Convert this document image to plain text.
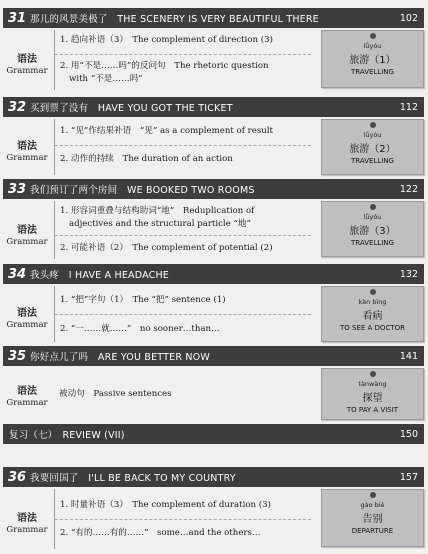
31 那儿的风景美极了　THE SCENERY IS VERY BEAUTIFUL THERE	102
语法
Grammar
1. 趋向补语（3）　The complement of direction (3)
2. 用“不是……吗”的反问句　The rhetoric question
with “不是……吗”
lǚyóu
旅游（1）
TRAVELLING
32 买到票了没有　HAVE YOU GOT THE TICKET	112
语法
Grammar
1. “见”作结果补语　“见” as a complement of result
2. 动作的持续　The duration of an action
lǚyóu
旅游（2）
TRAVELLING
33 我们预订了两个房间　WE BOOKED TWO ROOMS	122
语法
Grammar
1. 形容词重叠与结构助词“地”　Reduplication of
adjectives and the structural particle “地”
2. 可能补语（2）　The complement of potential (2)
lǚyóu
旅游（3）
TRAVELLING
34 我头疼　I HAVE A HEADACHE	132
语法
Grammar
1. “把”字句（1）　The “把” sentence (1)
2. “一……就……”　no sooner…than…
kàn bìng
看病
TO SEE A DOCTOR
35 你好点儿了吗　ARE YOU BETTER NOW	141
语法
Grammar
被动句　Passive sentences
tànwàng
探望
TO PAY A VISIT
复习（七）　REVIEW (VII)	150
36 我要回国了　I'LL BE BACK TO MY COUNTRY	157
语法
Grammar
1. 时量补语（3）　The complement of duration (3)
2. “有的……有的……”　some…and the others…
gào bié
告别
DEPARTURE
